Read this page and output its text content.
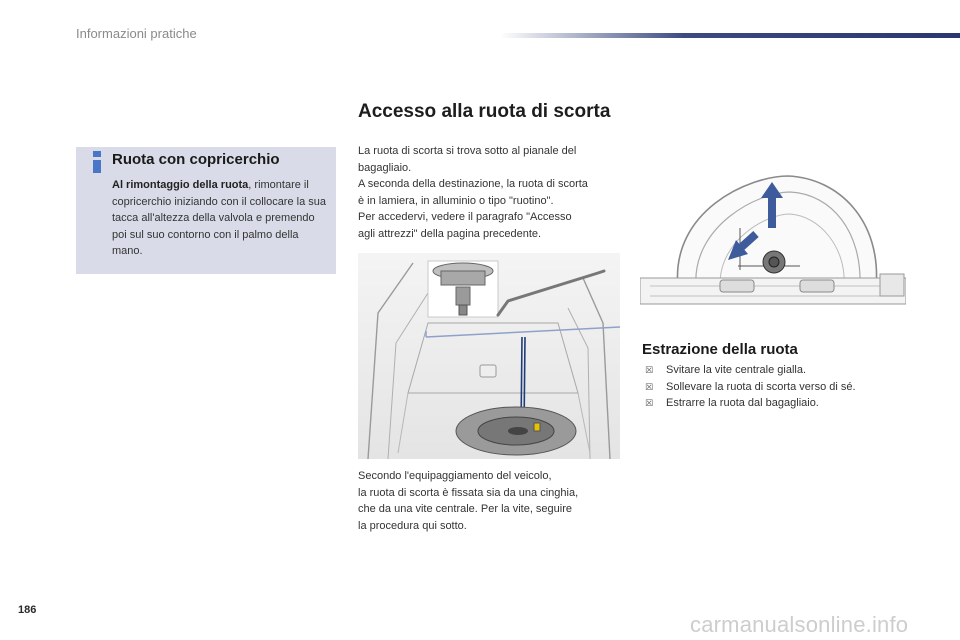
Informazioni pratiche
Ruota con copricerchio
Al rimontaggio della ruota, rimontare il copricerchio iniziando con il collocare la sua tacca all'altezza della valvola e premendo poi sul suo contorno con il palmo della mano.
Accesso alla ruota di scorta
La ruota di scorta si trova sotto al pianale del
bagagliaio.
A seconda della destinazione, la ruota di scorta
è in lamiera, in alluminio o tipo "ruotino".
Per accedervi, vedere il paragrafo "Accesso
agli attrezzi" della pagina precedente.
Secondo l'equipaggiamento del veicolo,
la ruota di scorta è fissata sia da una cinghia,
che da una vite centrale. Per la vite, seguire
la procedura qui sotto.
Estrazione della ruota
☒ Svitare la vite centrale gialla.
☒ Sollevare la ruota di scorta verso di sé.
☒ Estrarre la ruota dal bagagliaio.
186
carmanualsonline.info
